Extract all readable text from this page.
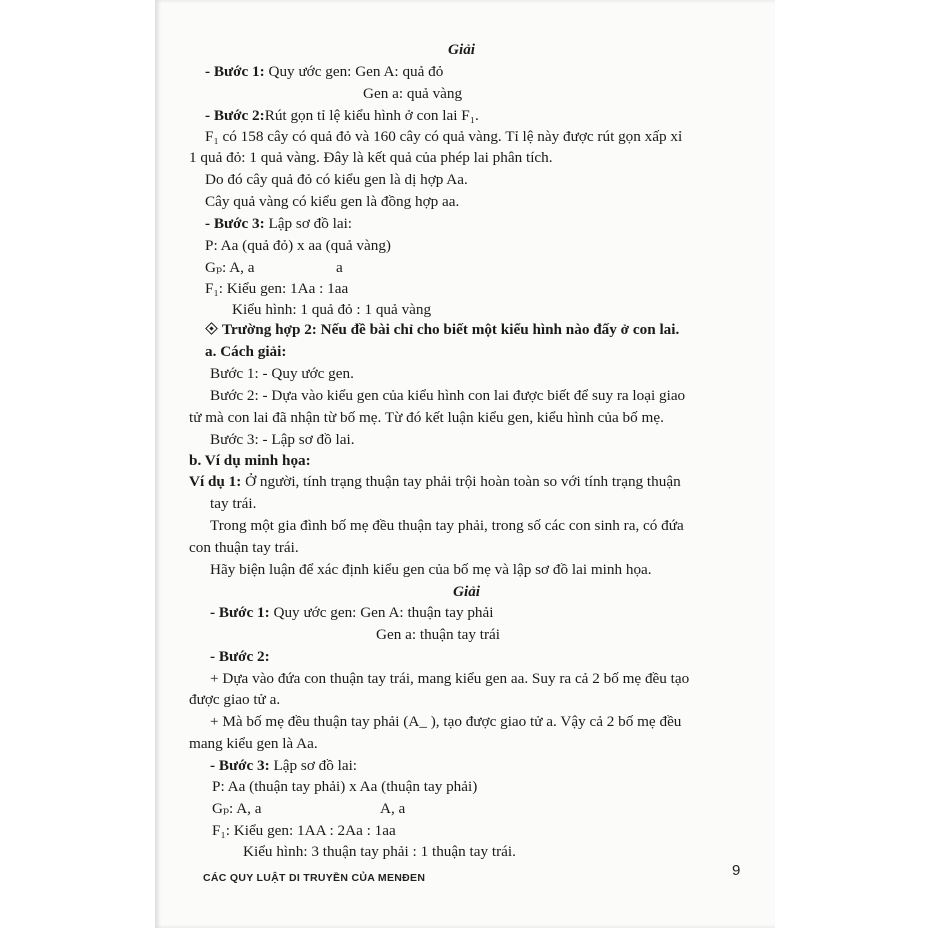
Giải
- Bước 1: Quy ước gen: Gen A: quả đỏ
Gen a: quả vàng
- Bước 2:Rút gọn tỉ lệ kiểu hình ở con lai F₁.
F₁ có 158 cây có quả đỏ và 160 cây có quả vàng. Tỉ lệ này được rút gọn xấp xỉ
1 quả đỏ: 1 quả vàng. Đây là kết quả của phép lai phân tích.
Do đó cây quả đỏ có kiểu gen là dị hợp Aa.
Cây quả vàng có kiểu gen là đồng hợp aa.
- Bước 3: Lập sơ đồ lai:
P: Aa (quả đỏ) x aa (quả vàng)
Gₚ: A, a	a
F₁: Kiểu gen: 1Aa : 1aa
Kiểu hình: 1 quả đỏ : 1 quả vàng
Trường hợp 2: Nếu đề bài chỉ cho biết một kiểu hình nào đấy ở con lai.
a. Cách giải:
Bước 1: - Quy ước gen.
Bước 2: - Dựa vào kiểu gen của kiểu hình con lai được biết để suy ra loại giao
tử mà con lai đã nhận từ bố mẹ. Từ đó kết luận kiểu gen, kiểu hình của bố mẹ.
Bước 3: - Lập sơ đồ lai.
b. Ví dụ minh họa:
Ví dụ 1: Ở người, tính trạng thuận tay phải trội hoàn toàn so với tính trạng thuận
tay trái.
Trong một gia đình bố mẹ đều thuận tay phải, trong số các con sinh ra, có đứa
con thuận tay trái.
Hãy biện luận để xác định kiểu gen của bố mẹ và lập sơ đồ lai minh họa.
Giải
- Bước 1: Quy ước gen: Gen A: thuận tay phải
Gen a: thuận tay trái
- Bước 2:
+ Dựa vào đứa con thuận tay trái, mang kiểu gen aa. Suy ra cả 2 bố mẹ đều tạo
được giao tử a.
+ Mà bố mẹ đều thuận tay phải (A_ ), tạo được giao tử a. Vậy cả 2 bố mẹ đều
mang kiểu gen là Aa.
- Bước 3: Lập sơ đồ lai:
P: Aa (thuận tay phải) x Aa (thuận tay phải)
Gₚ: A, a	A, a
F₁: Kiểu gen: 1AA : 2Aa : 1aa
Kiểu hình: 3 thuận tay phải : 1 thuận tay trái.
CÁC QUY LUẬT DI TRUYỀN CỦA MENĐEN	9
